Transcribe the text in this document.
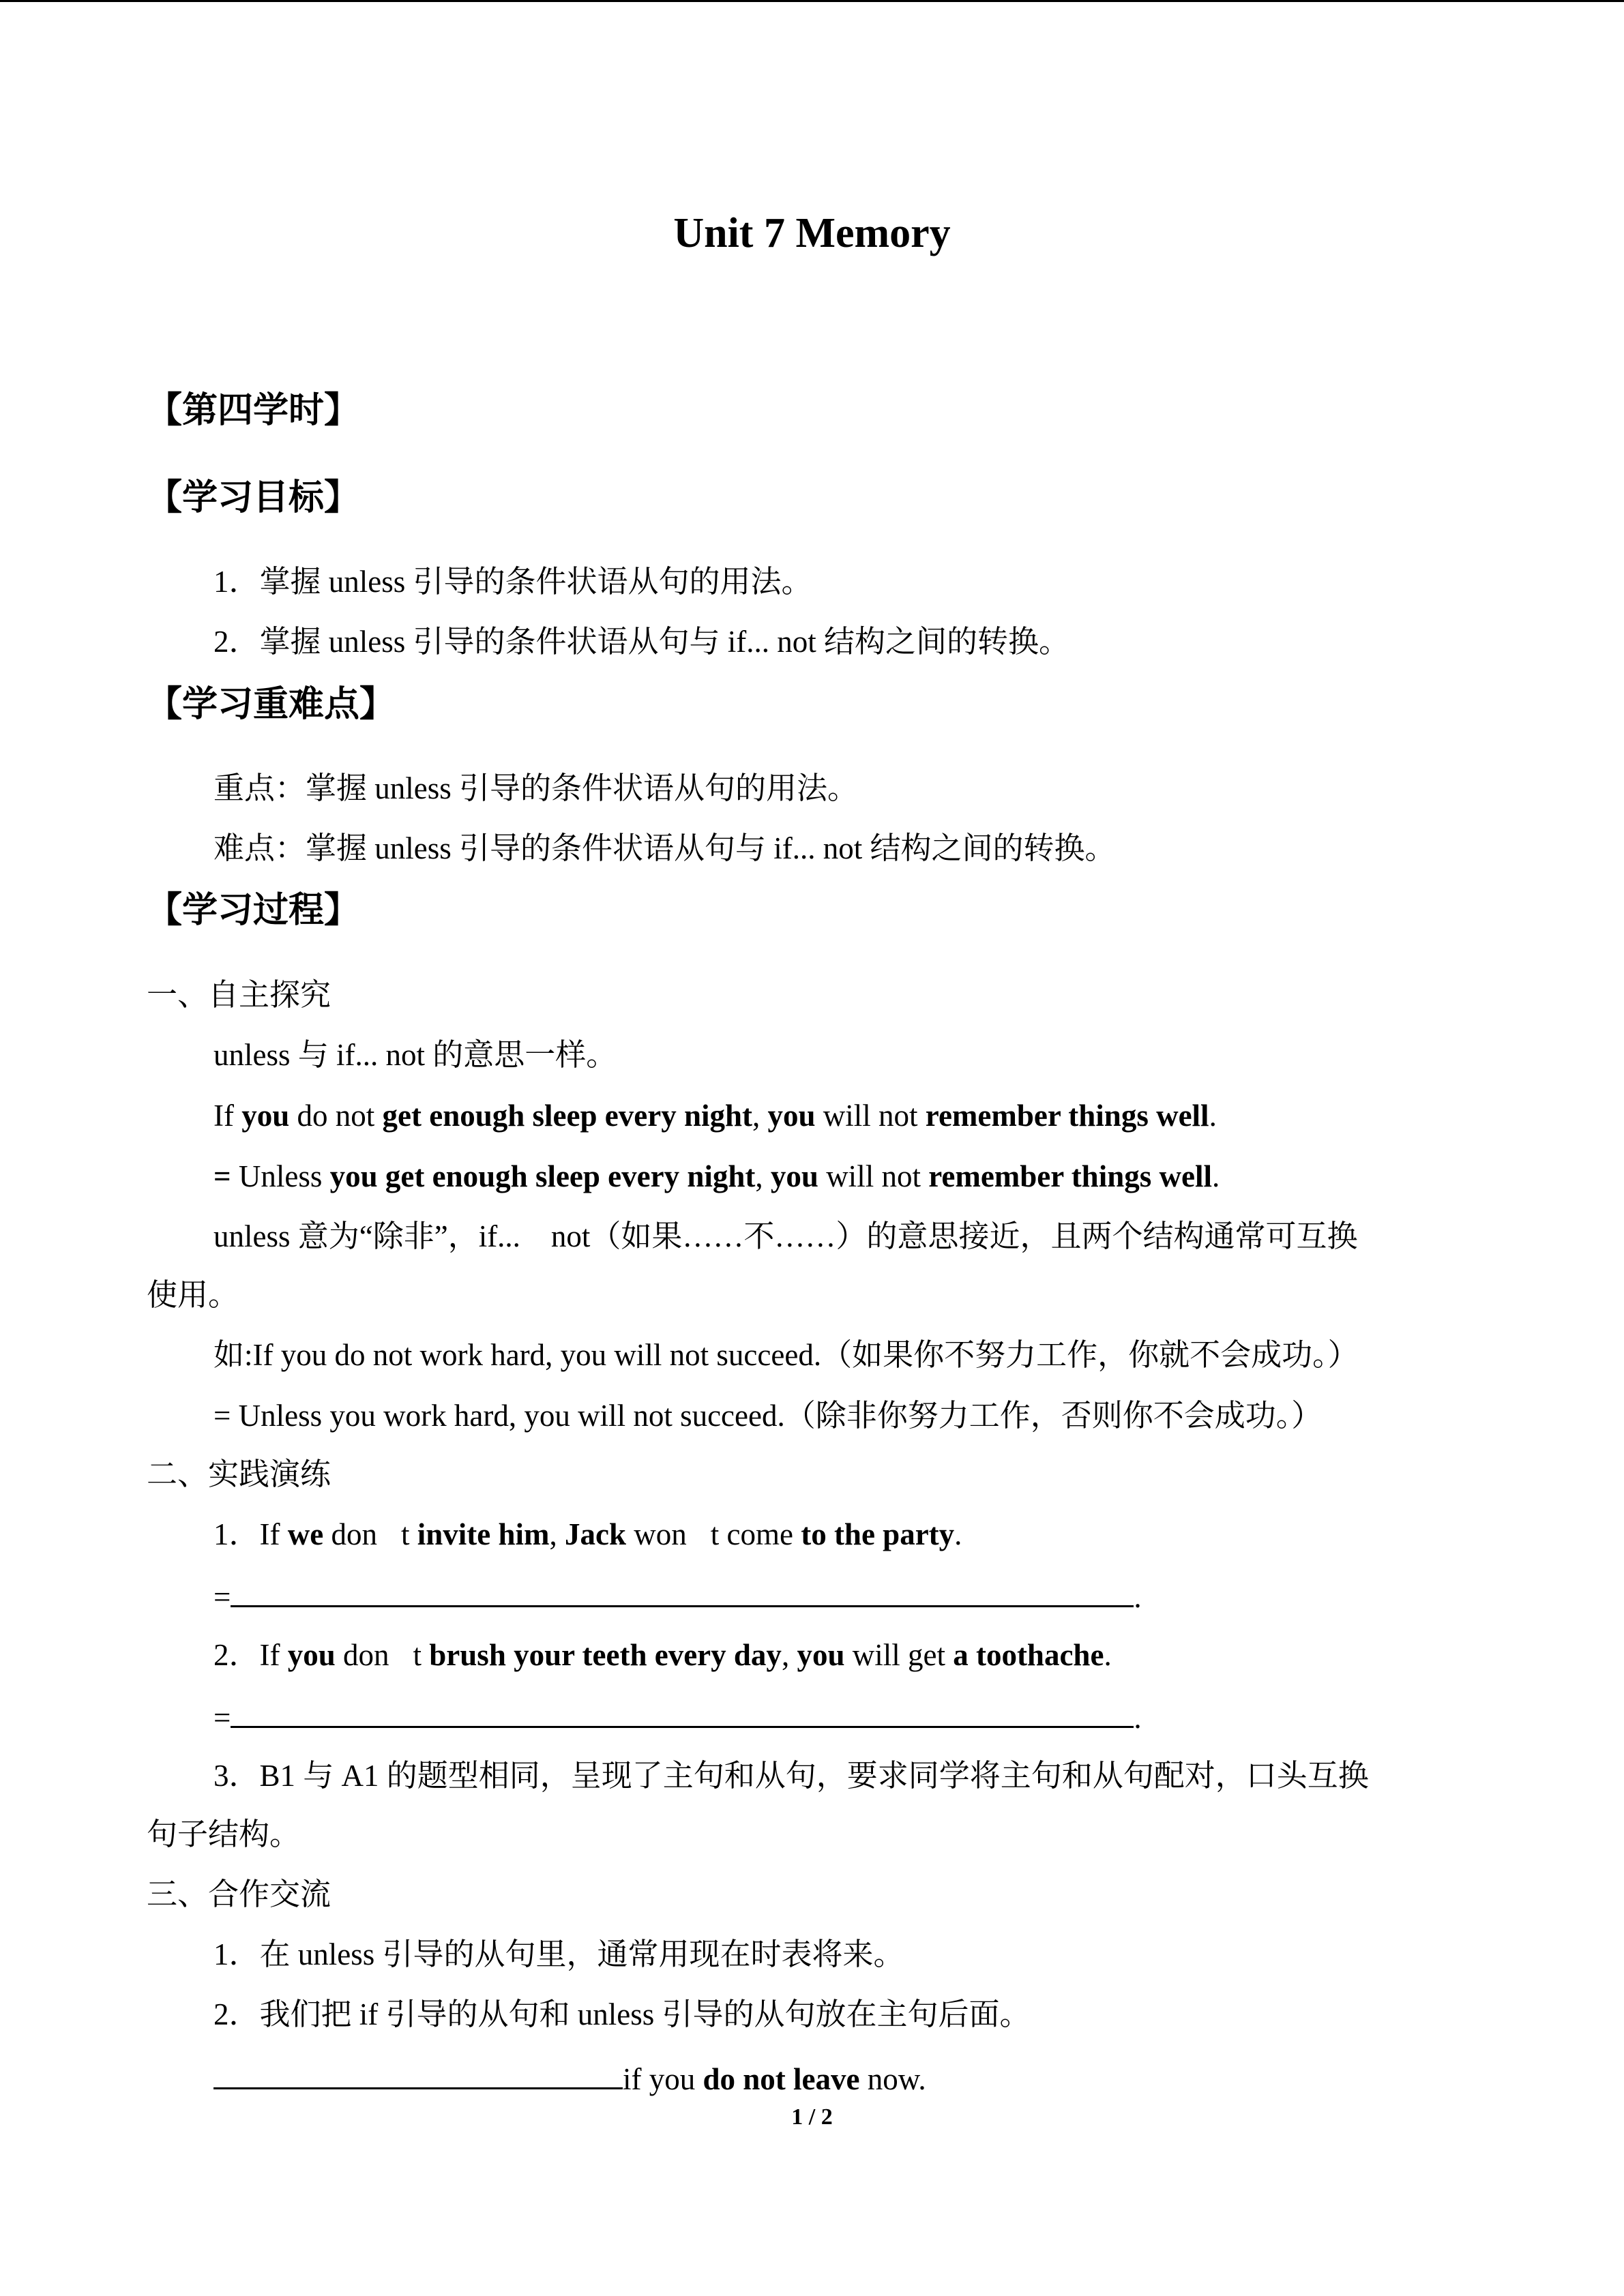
Unit 7 Memory
【第四学时】
【学习目标】
1．掌握 unless 引导的条件状语从句的用法。
2．掌握 unless 引导的条件状语从句与 if... not 结构之间的转换。
【学习重难点】
重点：掌握 unless 引导的条件状语从句的用法。
难点：掌握 unless 引导的条件状语从句与 if... not 结构之间的转换。
【学习过程】
一、自主探究
unless 与 if... not 的意思一样。
If you do not get enough sleep every night, you will not remember things well.
= Unless you get enough sleep every night, you will not remember things well.
unless 意为“除非”，if...    not（如果……不……）的意思接近，且两个结构通常可互换
使用。
如:If you do not work hard, you will not succeed.（如果你不努力工作，你就不会成功。）
= Unless you work hard, you will not succeed.（除非你努力工作，否则你不会成功。）
二、实践演练
1．If we don t invite him, Jack won t come to the party.
=	.
2．If you don t brush your teeth every day, you will get a toothache.
=	.
3．B1 与 A1 的题型相同，呈现了主句和从句，要求同学将主句和从句配对，口头互换
句子结构。
三、合作交流
1．在 unless 引导的从句里，通常用现在时表将来。
2．我们把 if 引导的从句和 unless 引导的从句放在主句后面。
if you do not leave now.
1 / 2
